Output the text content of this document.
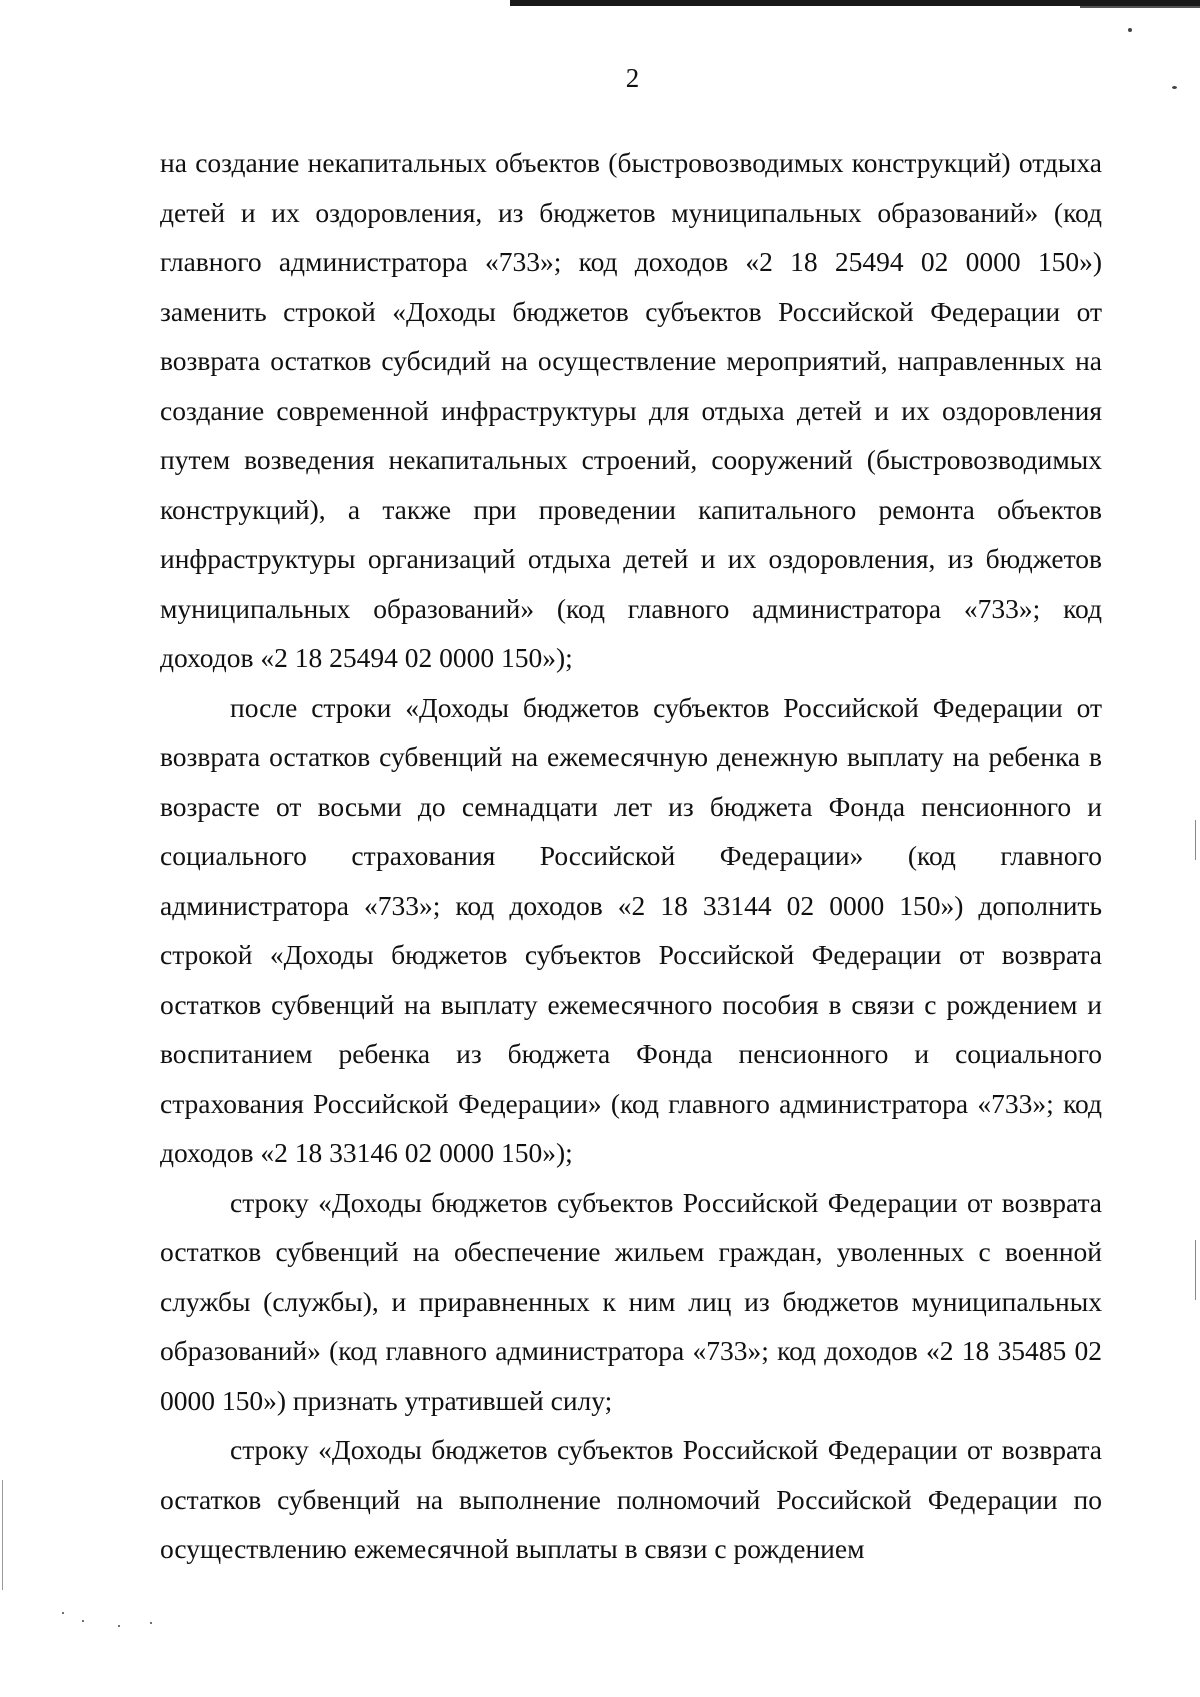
2

на создание некапитальных объектов (быстровозводимых конструкций) отдыха детей и их оздоровления, из бюджетов муниципальных образований» (код главного администратора «733»; код доходов «2 18 25494 02 0000 150») заменить строкой «Доходы бюджетов субъектов Российской Федерации от возврата остатков субсидий на осуществление мероприятий, направленных на создание современной инфраструктуры для отдыха детей и их оздоровления путем возведения некапитальных строений, сооружений (быстровозводимых конструкций), а также при проведении капитального ремонта объектов инфраструктуры организаций отдыха детей и их оздоровления, из бюджетов муниципальных образований» (код главного администратора «733»; код доходов «2 18 25494 02 0000 150»);

после строки «Доходы бюджетов субъектов Российской Федерации от возврата остатков субвенций на ежемесячную денежную выплату на ребенка в возрасте от восьми до семнадцати лет из бюджета Фонда пенсионного и социального страхования Российской Федерации» (код главного администратора «733»; код доходов «2 18 33144 02 0000 150») дополнить строкой «Доходы бюджетов субъектов Российской Федерации от возврата остатков субвенций на выплату ежемесячного пособия в связи с рождением и воспитанием ребенка из бюджета Фонда пенсионного и социального страхования Российской Федерации» (код главного администратора «733»; код доходов «2 18 33146 02 0000 150»);

строку «Доходы бюджетов субъектов Российской Федерации от возврата остатков субвенций на обеспечение жильем граждан, уволенных с военной службы (службы), и приравненных к ним лиц из бюджетов муниципальных образований» (код главного администратора «733»; код доходов «2 18 35485 02 0000 150») признать утратившей силу;

строку «Доходы бюджетов субъектов Российской Федерации от возврата остатков субвенций на выполнение полномочий Российской Федерации по осуществлению ежемесячной выплаты в связи с рождением
